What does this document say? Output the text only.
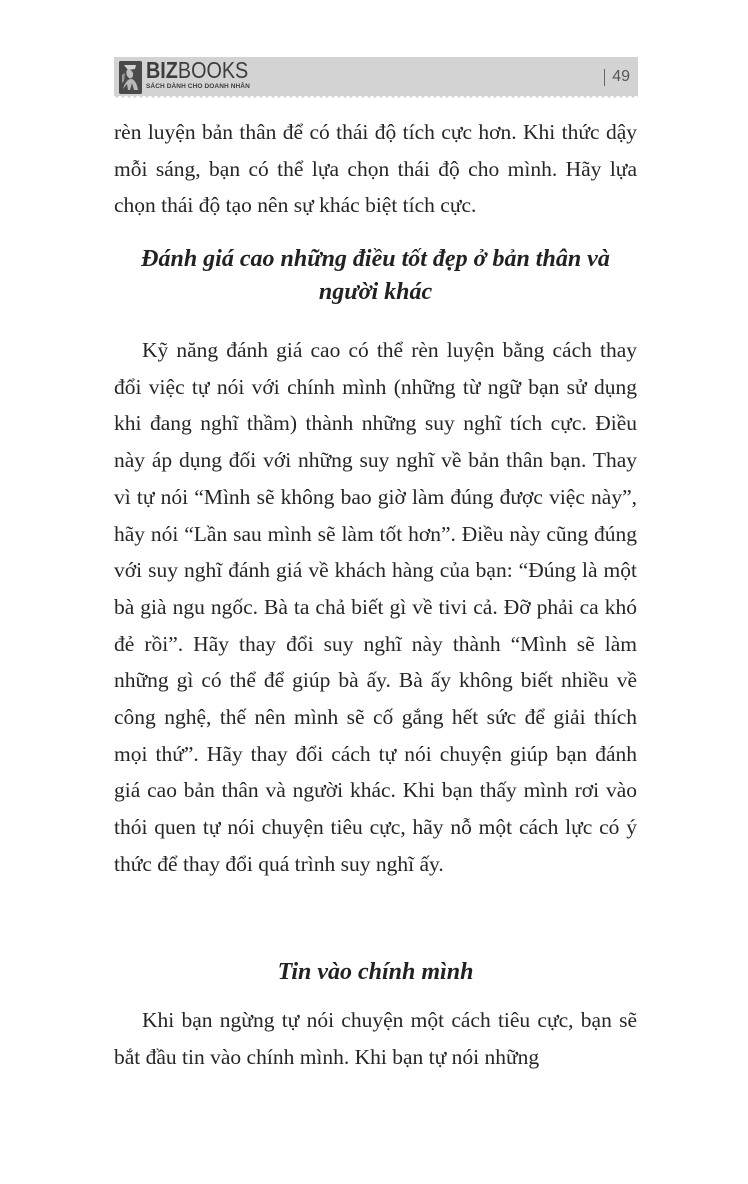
BIZBOOKS
SÁCH DÀNH CHO DOANH NHÂN
49

rèn luyện bản thân để có thái độ tích cực hơn. Khi thức dậy mỗi sáng, bạn có thể lựa chọn thái độ cho mình. Hãy lựa chọn thái độ tạo nên sự khác biệt tích cực.

Đánh giá cao những điều tốt đẹp ở bản thân và người khác

Kỹ năng đánh giá cao có thể rèn luyện bằng cách thay đổi việc tự nói với chính mình (những từ ngữ bạn sử dụng khi đang nghĩ thầm) thành những suy nghĩ tích cực. Điều này áp dụng đối với những suy nghĩ về bản thân bạn. Thay vì tự nói “Mình sẽ không bao giờ làm đúng được việc này”, hãy nói “Lần sau mình sẽ làm tốt hơn”. Điều này cũng đúng với suy nghĩ đánh giá về khách hàng của bạn: “Đúng là một bà già ngu ngốc. Bà ta chả biết gì về tivi cả. Đỡ phải ca khó đẻ rồi”. Hãy thay đổi suy nghĩ này thành “Mình sẽ làm những gì có thể để giúp bà ấy. Bà ấy không biết nhiều về công nghệ, thế nên mình sẽ cố gắng hết sức để giải thích mọi thứ”. Hãy thay đổi cách tự nói chuyện giúp bạn đánh giá cao bản thân và người khác. Khi bạn thấy mình rơi vào thói quen tự nói chuyện tiêu cực, hãy nỗ một cách lực có ý thức để thay đổi quá trình suy nghĩ ấy.

Tin vào chính mình

Khi bạn ngừng tự nói chuyện một cách tiêu cực, bạn sẽ bắt đầu tin vào chính mình. Khi bạn tự nói những
